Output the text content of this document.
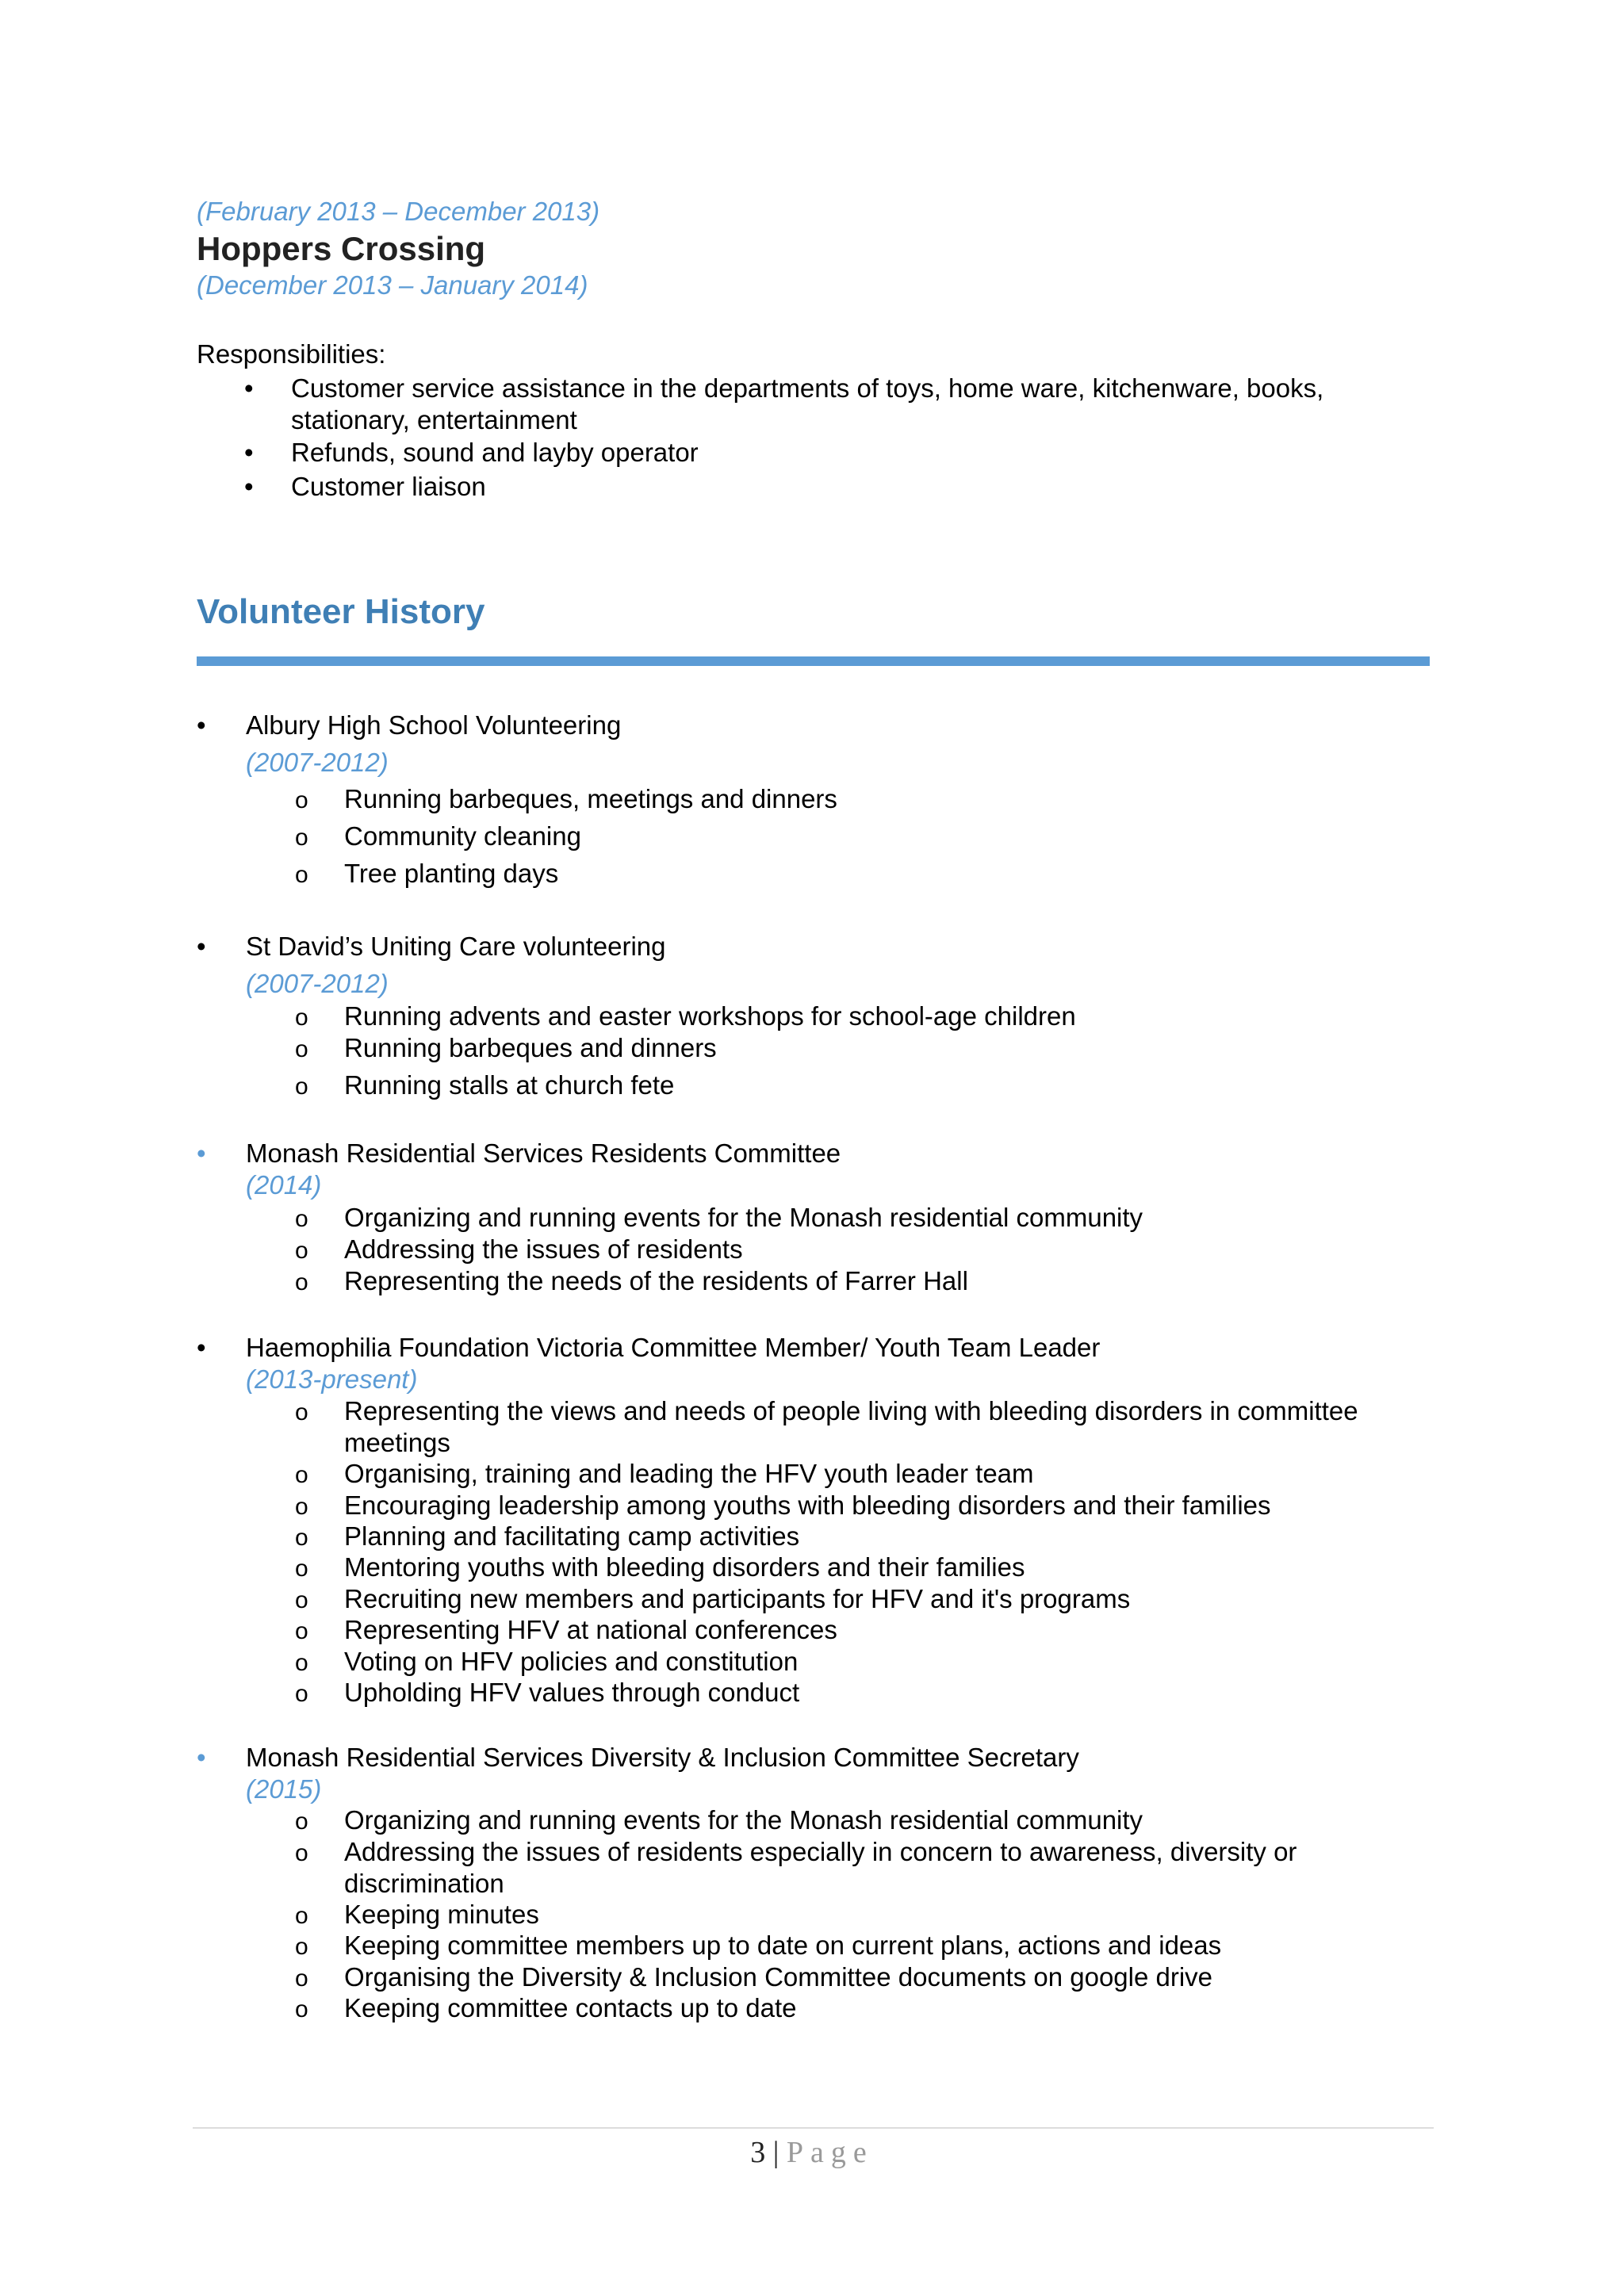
(February 2013 – December 2013)
Hoppers Crossing
(December 2013 – January 2014)
Responsibilities:
• Customer service assistance in the departments of toys, home ware, kitchenware, books,
stationary, entertainment
• Refunds, sound and layby operator
• Customer liaison
Volunteer History
• Albury High School Volunteering
(2007-2012)
o Running barbeques, meetings and dinners
o Community cleaning
o Tree planting days
• St David’s Uniting Care volunteering
(2007-2012)
o Running advents and easter workshops for school-age children
o Running barbeques and dinners
o Running stalls at church fete
• Monash Residential Services Residents Committee
(2014)
o Organizing and running events for the Monash residential community
o Addressing the issues of residents
o Representing the needs of the residents of Farrer Hall
• Haemophilia Foundation Victoria Committee Member/ Youth Team Leader
(2013-present)
o Representing the views and needs of people living with bleeding disorders in committee
meetings
o Organising, training and leading the HFV youth leader team
o Encouraging leadership among youths with bleeding disorders and their families
o Planning and facilitating camp activities
o Mentoring youths with bleeding disorders and their families
o Recruiting new members and participants for HFV and it's programs
o Representing HFV at national conferences
o Voting on HFV policies and constitution
o Upholding HFV values through conduct
• Monash Residential Services Diversity & Inclusion Committee Secretary
(2015)
o Organizing and running events for the Monash residential community
o Addressing the issues of residents especially in concern to awareness, diversity or
discrimination
o Keeping minutes
o Keeping committee members up to date on current plans, actions and ideas
o Organising the Diversity & Inclusion Committee documents on google drive
o Keeping committee contacts up to date
3 | Page
